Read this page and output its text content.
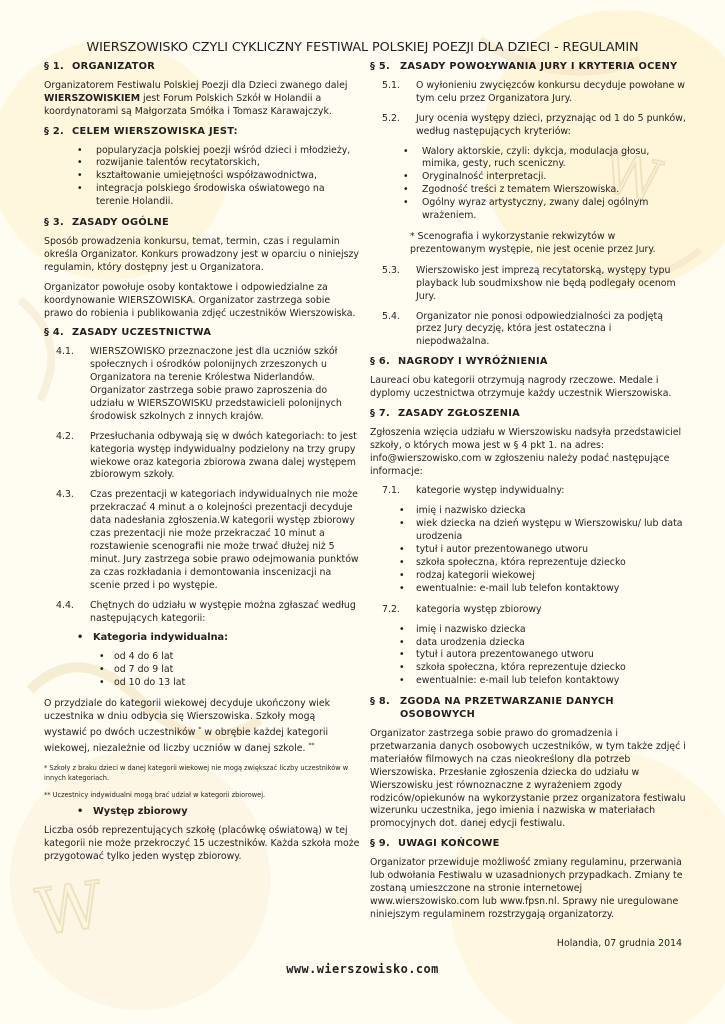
W
W
WIERSZOWISKO CZYLI CYKLICZNY FESTIWAL POLSKIEJ POEZJI DLA DZIECI - REGULAMIN
§ 1. ORGANIZATOR

Organizatorem Festiwalu Polskiej Poezji dla Dzieci zwanego dalej WIERSZOWISKIEM jest Forum Polskich Szkół w Holandii a koordynatorami są Małgorzata Smółka i Tomasz Karawajczyk.

§ 2. CELEM WIERSZOWISKA JEST:
• popularyzacja polskiej poezji wśród dzieci i młodzieży,
• rozwijanie talentów recytatorskich,
• kształtowanie umiejętności współzawodnictwa,
• integracja polskiego środowiska oświatowego na terenie Holandii.
§ 3. ZASADY OGÓLNE

Sposób prowadzenia konkursu, temat, termin, czas i regulamin określa Organizator. Konkurs prowadzony jest w oparciu o niniejszy regulamin, który dostępny jest u Organizatora.

Organizator powołuje osoby kontaktowe i odpowiedzialne za koordynowanie WIERSZOWISKA. Organizator zastrzega sobie prawo do robienia i publikowania zdjęć uczestników Wierszowiska.

§ 4. ZASADY UCZESTNICTWA
4.1.	WIERSZOWISKO przeznaczone jest dla uczniów szkół społecznych i ośrodków polonijnych zrzeszonych u Organizatora na terenie Królestwa Niderlandów. Organizator zastrzega sobie prawo zaproszenia do udziału w WIERSZOWISKU przedstawicieli polonijnych środowisk szkolnych z innych krajów.
4.2.	Przesłuchania odbywają się w dwóch kategoriach: to jest kategoria występ indywidualny podzielony na trzy grupy wiekowe oraz kategoria zbiorowa zwana dalej występem zbiorowym szkoły.
4.3.	Czas prezentacji w kategoriach indywidualnych nie może przekraczać 4 minut a o kolejności prezentacji decyduje data nadesłania zgłoszenia.W kategorii występ zbiorowy czas prezentacji nie może przekraczać 10 minut a rozstawienie scenografii nie może trwać dłużej niż 5 minut. Jury zastrzega sobie prawo odejmowania punktów za czas rozkładania i demontowania inscenizacji na scenie przed i po występie.
4.4.	Chętnych do udziału w występie można zgłaszać według następujących kategorii:
• Kategoria indywidualna:
• od 4 do 6 lat
• od 7 do 9 lat
• od 10 do 13 lat

O przydziale do kategorii wiekowej decyduje ukończony wiek uczestnika w dniu odbycia się Wierszowiska. Szkoły mogą wystawić po dwóch uczestników * w obrębie każdej kategorii wiekowej, niezależnie od liczby uczniów w danej szkole. **

* Szkoły z braku dzieci w danej kategorii wiekowej nie mogą zwiększać liczby uczestników w innych kategoriach.

** Uczestnicy indywidualni mogą brać udział w kategorii zbiorowej.

• Występ zbiorowy

Liczba osób reprezentujących szkołę (placówkę oświatową) w tej kategorii nie może przekroczyć 15 uczestników. Każda szkoła może przygotować tylko jeden występ zbiorowy.

§ 5.	ZASADY POWOŁYWANIA JURY I KRYTERIA OCENY
5.1.	O wyłonieniu zwycięzców konkursu decyduje powołane w tym celu przez Organizatora Jury.
5.2.	Jury ocenia występy dzieci, przyznając od 1 do 5 punków, według następujących kryteriów:
• Walory aktorskie, czyli: dykcja, modulacja głosu, mimika, gesty, ruch sceniczny.
• Oryginalność interpretacji.
• Zgodność treści z tematem Wierszowiska.
• Ogólny wyraz artystyczny, zwany dalej ogólnym wrażeniem.

* Scenografia i wykorzystanie rekwizytów w prezentowanym występie, nie jest ocenie przez Jury.

5.3.	Wierszowisko jest imprezą recytatorską, występy typu playback lub soudmixshow nie będą podlegały ocenom Jury.
5.4.	Organizator nie ponosi odpowiedzialności za podjętą przez Jury decyzję, która jest ostateczna i niepodważalna.
§ 6. NAGRODY I WYRÓŻNIENIA

Laureaci obu kategorii otrzymują nagrody rzeczowe. Medale i dyplomy uczestnictwa otrzymuje każdy uczestnik Wierszowiska.

§ 7. ZASADY ZGŁOSZENIA

Zgłoszenia wzięcia udziału w Wierszowisku nadsyła przedstawiciel szkoły, o których mowa jest w § 4 pkt 1. na adres: info@wierszowisko.com w zgłoszeniu należy podać następujące informacje:

7.1.	kategorie występ indywidualny:
• imię i nazwisko dziecka
• wiek dziecka na dzień występu w Wierszowisku/ lub data urodzenia
• tytuł i autor prezentowanego utworu
• szkoła społeczna, która reprezentuje dziecko
• rodzaj kategorii wiekowej
• ewentualnie: e-mail lub telefon kontaktowy
7.2.	kategoria występ zbiorowy
• imię i nazwisko dziecka
• data urodzenia dziecka
• tytuł i autora prezentowanego utworu
• szkoła społeczna, która reprezentuje dziecko
• ewentualnie: e-mail lub telefon kontaktowy
§ 8.	ZGODA NA PRZETWARZANIE DANYCH OSOBOWYCH

Organizator zastrzega sobie prawo do gromadzenia i przetwarzania danych osobowych uczestników, w tym także zdjęć i materiałów filmowych na czas nieokreślony dla potrzeb Wierszowiska. Przesłanie zgłoszenia dziecka do udziału w Wierszowisku jest równoznaczne z wyrażeniem zgody rodziców/opiekunów na wykorzystanie przez organizatora festiwalu wizerunku uczestnika, jego imienia i nazwiska w materiałach promocyjnych dot. danej edycji festiwalu.

§ 9. UWAGI KOŃCOWE

Organizator przewiduje możliwość zmiany regulaminu, przerwania lub odwołania Festiwalu w uzasadnionych przypadkach. Zmiany te zostaną umieszczone na stronie internetowej www.wierszowisko.com lub www.fpsn.nl. Sprawy nie uregulowane niniejszym regulaminem rozstrzygają organizatorzy.

Holandia, 07 grudnia 2014
www.wierszowisko.com
